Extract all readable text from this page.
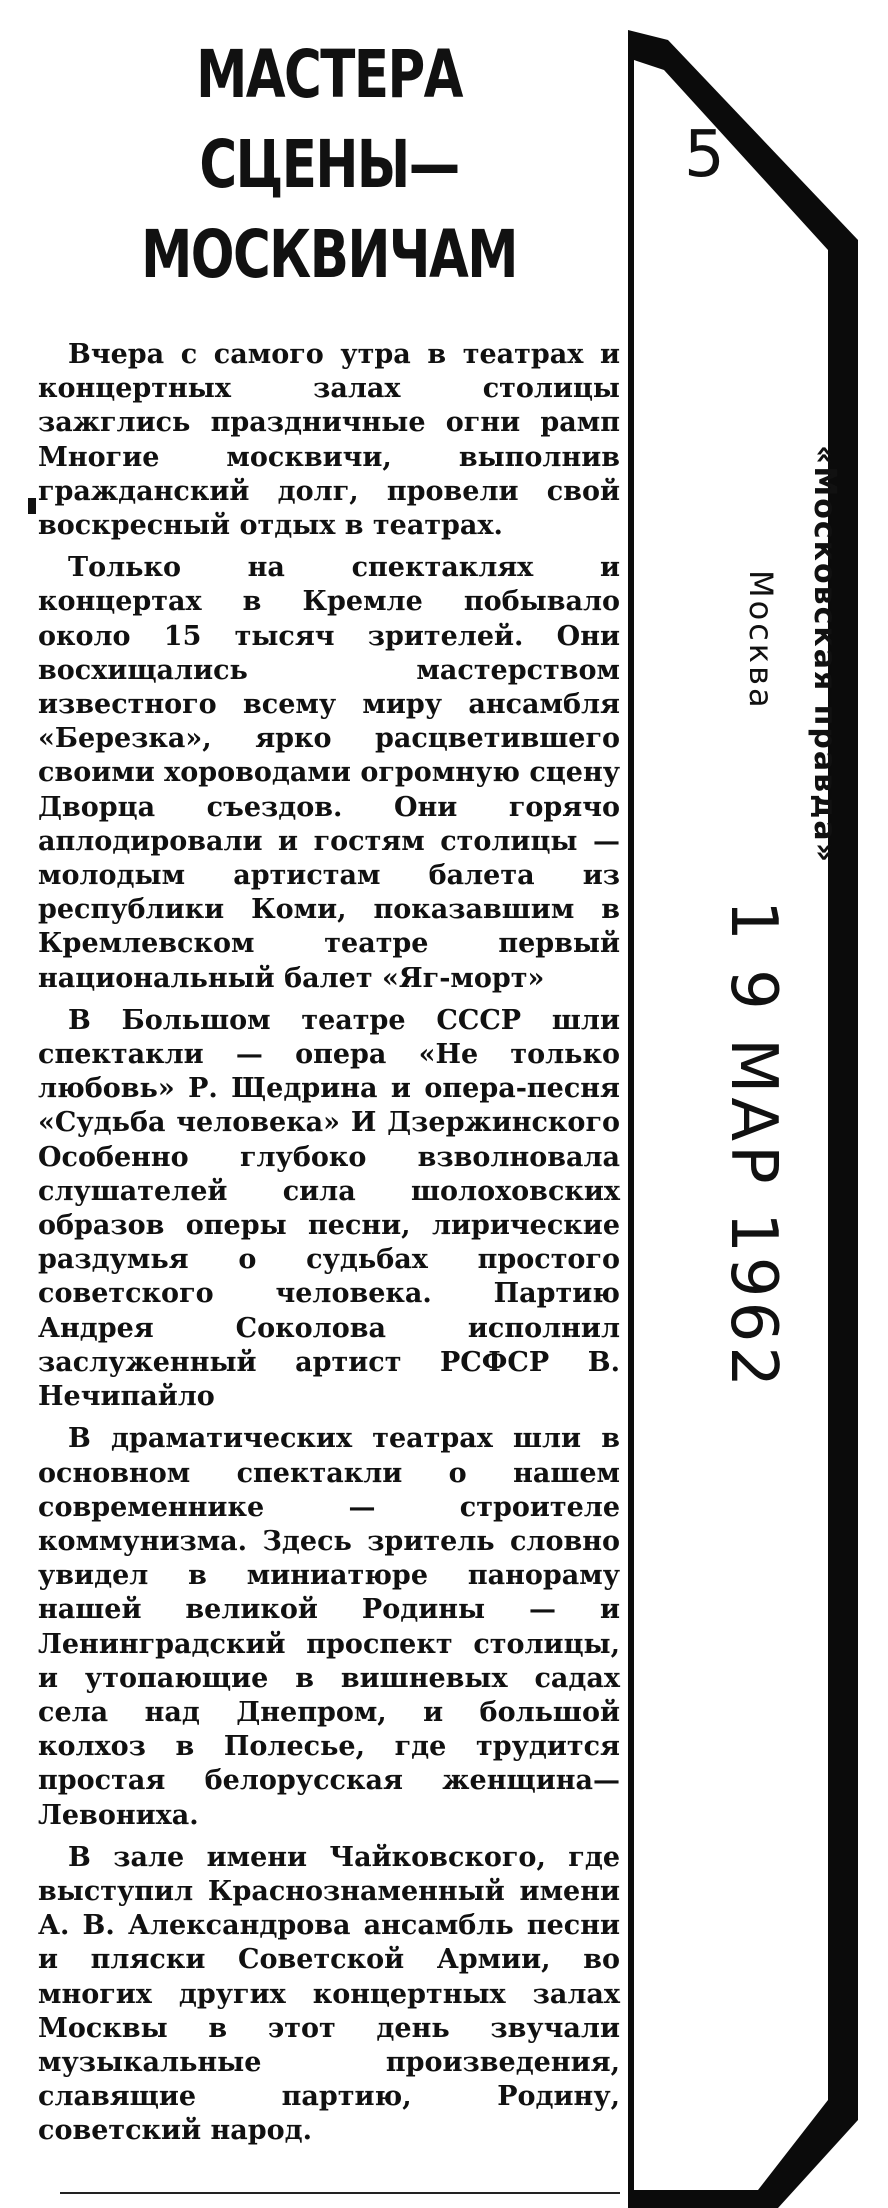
МАСТЕРА СЦЕНЫ—
МОСКВИЧАМ

Вчера с самого утра в театрах и концертных залах столицы зажглись праздничные огни рамп Многие москвичи, выполнив гражданский долг, провели свой воскресный отдых в театрах.

Только на спектаклях и концертах в Кремле побывало около 15 тысяч зрителей. Они восхищались мастерством известного всему миру ансамбля «Березка», ярко расцветившего своими хороводами огромную сцену Дворца съездов. Они горячо аплодировали и гостям столицы — молодым артистам балета из республики Коми, показавшим в Кремлевском театре первый национальный балет «Яг-морт»

В Большом театре СССР шли спектакли — опера «Не только любовь» Р. Щедрина и опера-песня «Судьба человека» И Дзержинского Особенно глубоко взволновала слушателей сила шолоховских образов оперы песни, лирические раздумья о судьбах простого советского человека. Партию Андрея Соколова исполнил заслуженный артист РСФСР В. Нечипайло

В драматических театрах шли в основном спектакли о нашем современнике — строителе коммунизма. Здесь зритель словно увидел в миниатюре панораму нашей великой Родины — и Ленинградский проспект столицы, и утопающие в вишневых садах села над Днепром, и большой колхоз в Полесье, где трудится простая белорусская женщина—Левониха.

В зале имени Чайковского, где выступил Краснознаменный имени А. В. Александрова ансамбль песни и пляски Советской Армии, во многих других концертных залах Москвы в этот день звучали музыкальные произведения, славящие партию, Родину, советский народ.

5
«Московская правда»
Москва
1 9 МАР 1962
